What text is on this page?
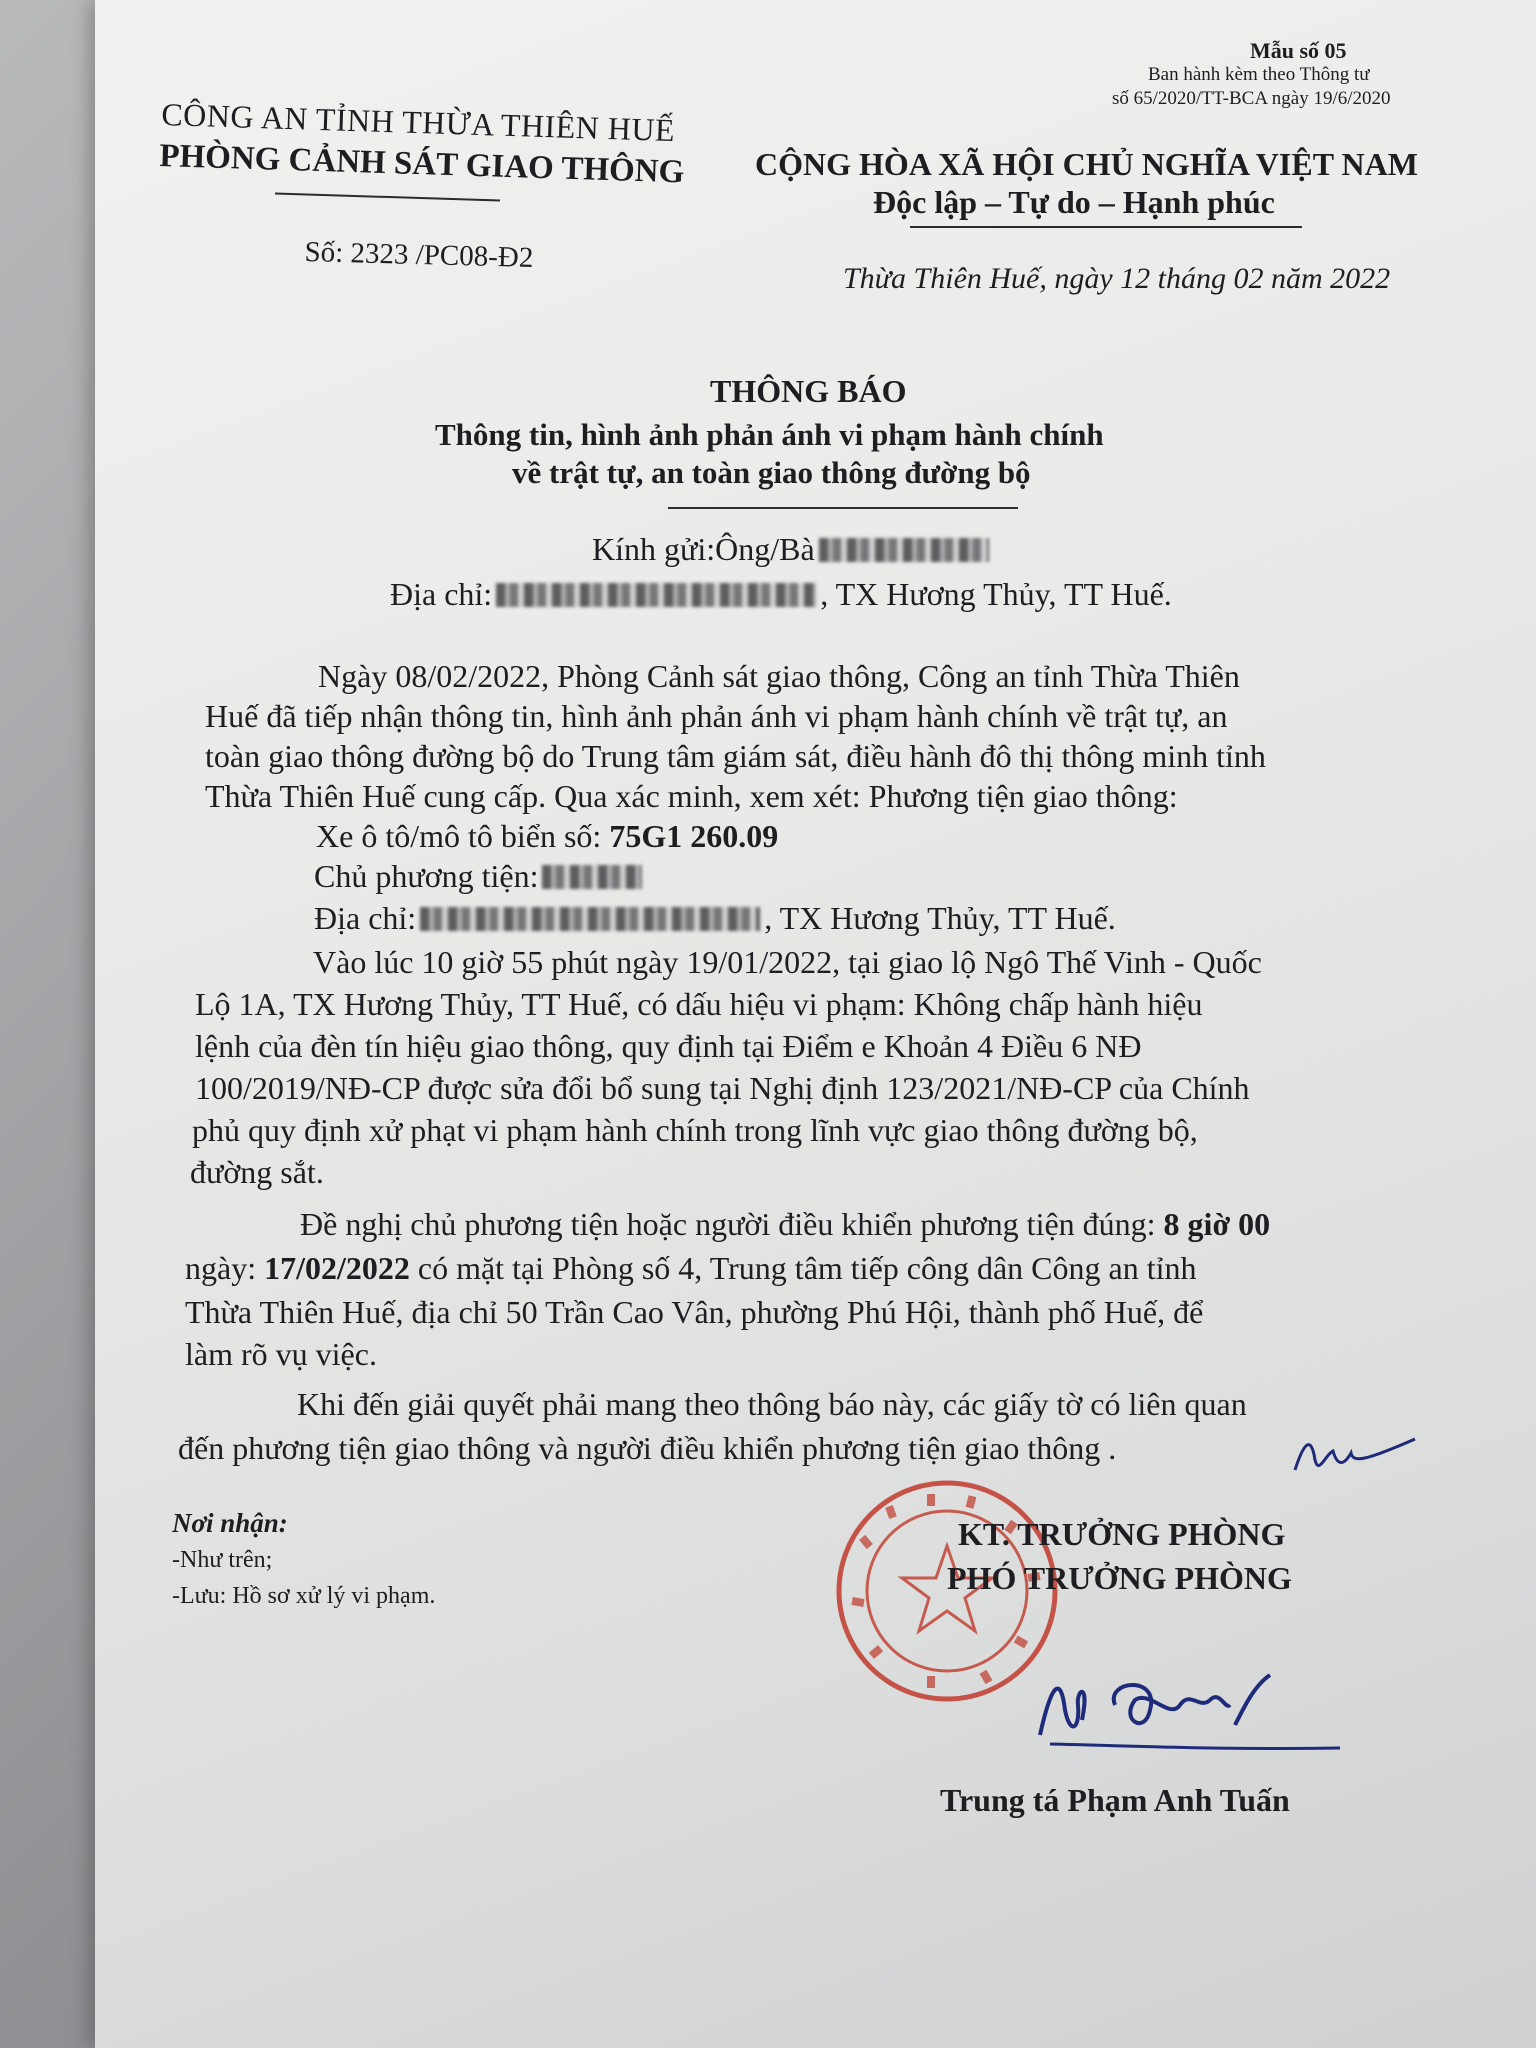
Mẫu số 05
Ban hành kèm theo Thông tư
số 65/2020/TT-BCA ngày 19/6/2020
CÔNG AN TỈNH THỪA THIÊN HUẾ
PHÒNG CẢNH SÁT GIAO THÔNG
Số: 2323 /PC08-Đ2
CỘNG HÒA XÃ HỘI CHỦ NGHĨA VIỆT NAM
Độc lập – Tự do – Hạnh phúc
Thừa Thiên Huế, ngày 12 tháng 02 năm 2022
THÔNG BÁO
Thông tin, hình ảnh phản ánh vi phạm hành chính
về trật tự, an toàn giao thông đường bộ
Kính gửi:Ông/Bà
Địa chỉ:	, TX Hương Thủy, TT Huế.
Ngày 08/02/2022, Phòng Cảnh sát giao thông, Công an tỉnh Thừa Thiên
Huế đã tiếp nhận thông tin, hình ảnh phản ánh vi phạm hành chính về trật tự, an
toàn giao thông đường bộ do Trung tâm giám sát, điều hành đô thị thông minh tỉnh
Thừa Thiên Huế cung cấp. Qua xác minh, xem xét: Phương tiện giao thông:
Xe ô tô/mô tô biển số: 75G1 260.09
Chủ phương tiện:
Địa chỉ:	, TX Hương Thủy, TT Huế.
Vào lúc 10 giờ 55 phút ngày 19/01/2022, tại giao lộ Ngô Thế Vinh - Quốc
Lộ 1A, TX Hương Thủy, TT Huế, có dấu hiệu vi phạm: Không chấp hành hiệu
lệnh của đèn tín hiệu giao thông, quy định tại Điểm e Khoản 4 Điều 6 NĐ
100/2019/NĐ-CP được sửa đổi bổ sung tại Nghị định 123/2021/NĐ-CP của Chính
phủ quy định xử phạt vi phạm hành chính trong lĩnh vực giao thông đường bộ,
đường sắt.
Đề nghị chủ phương tiện hoặc người điều khiển phương tiện đúng: 8 giờ 00
ngày: 17/02/2022 có mặt tại Phòng số 4, Trung tâm tiếp công dân Công an tỉnh
Thừa Thiên Huế, địa chỉ 50 Trần Cao Vân, phường Phú Hội, thành phố Huế, để
làm rõ vụ việc.
Khi đến giải quyết phải mang theo thông báo này, các giấy tờ có liên quan
đến phương tiện giao thông và người điều khiển phương tiện giao thông .
Nơi nhận:
-Như trên;
-Lưu: Hồ sơ xử lý vi phạm.
KT. TRƯỞNG PHÒNG
PHÓ TRƯỞNG PHÒNG
Trung tá Phạm Anh Tuấn
